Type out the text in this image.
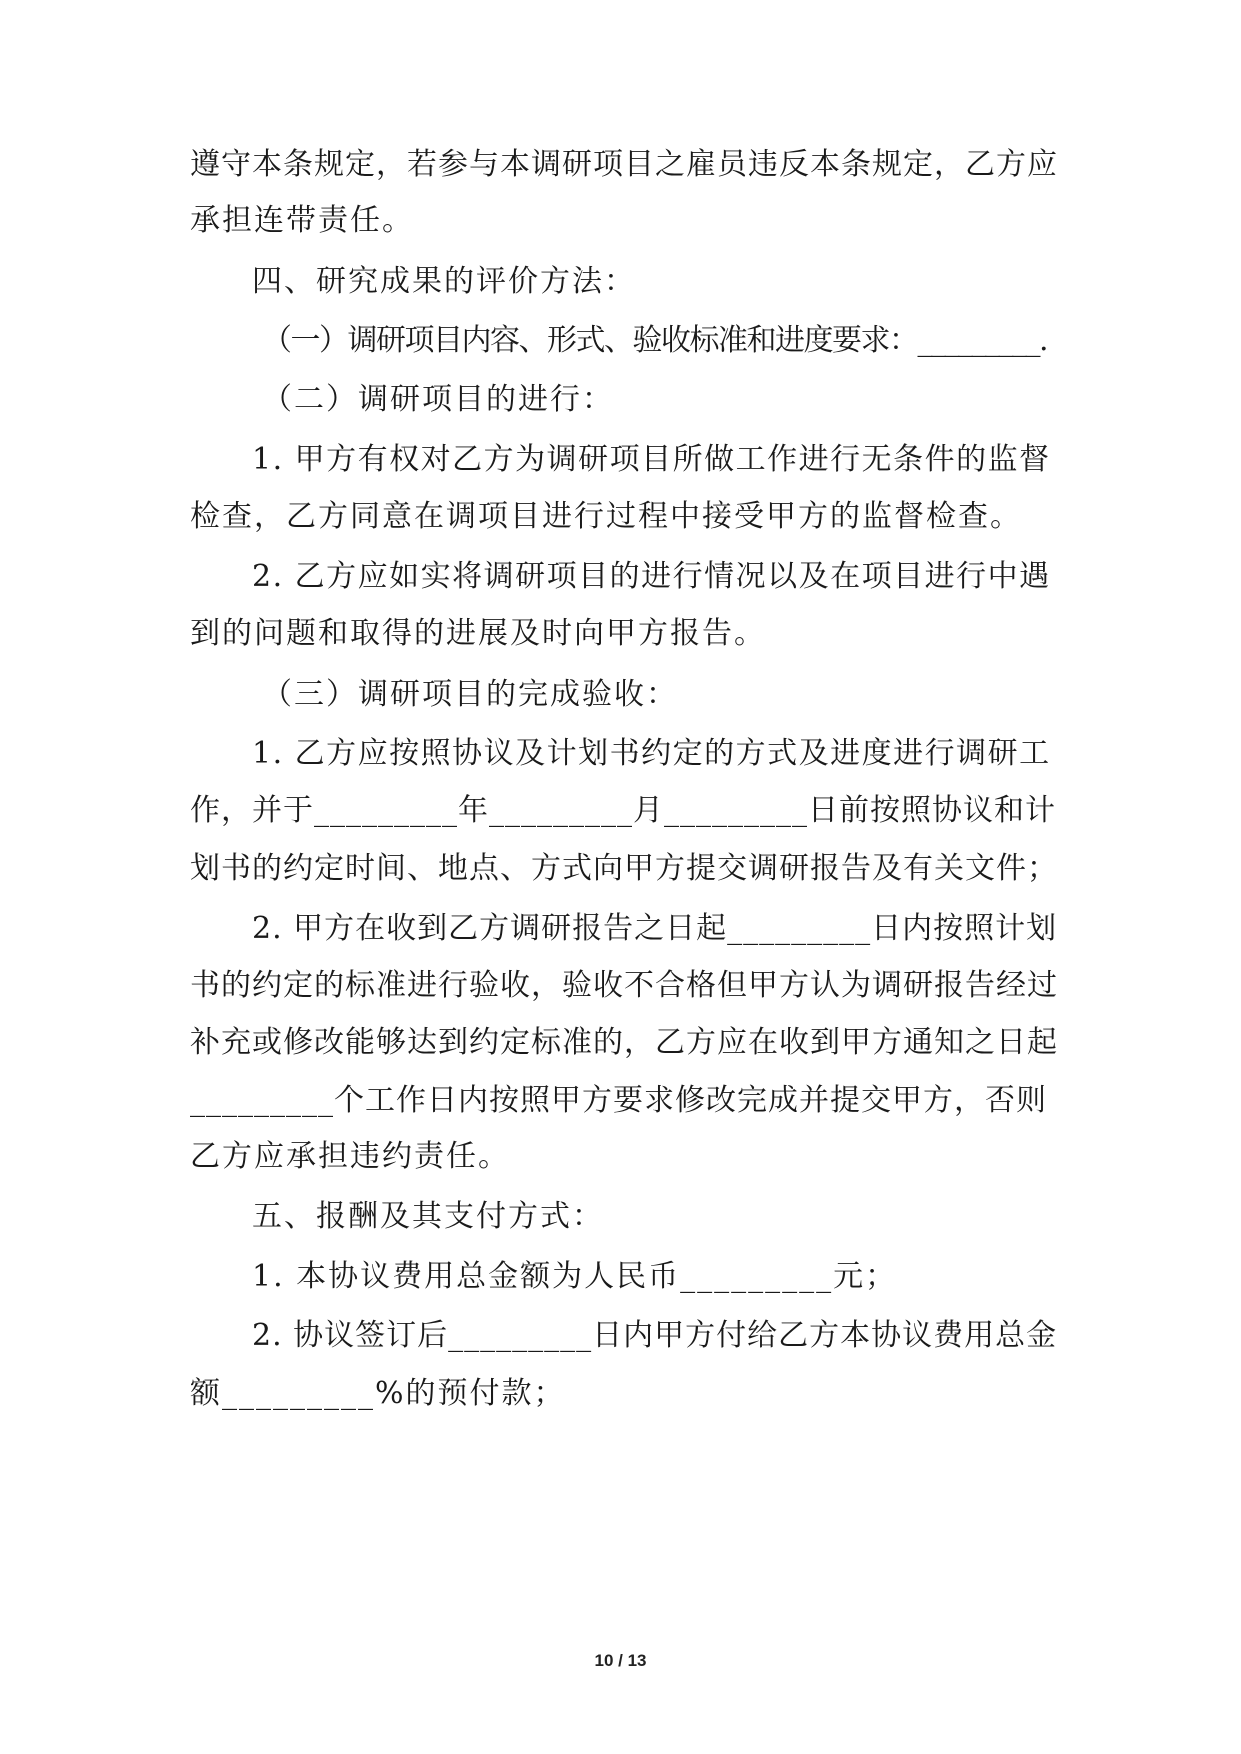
遵守本条规定，若参与本调研项目之雇员违反本条规定，乙方应
承担连带责任。
四、研究成果的评价方法：
（一）调研项目内容、形式、验收标准和进度要求：_________.
（二）调研项目的进行：
1. 甲方有权对乙方为调研项目所做工作进行无条件的监督
检查，乙方同意在调项目进行过程中接受甲方的监督检查。
2. 乙方应如实将调研项目的进行情况以及在项目进行中遇
到的问题和取得的进展及时向甲方报告。
（三）调研项目的完成验收：
1. 乙方应按照协议及计划书约定的方式及进度进行调研工
作，并于_________年_________月_________日前按照协议和计
划书的约定时间、地点、方式向甲方提交调研报告及有关文件；
2. 甲方在收到乙方调研报告之日起_________日内按照计划
书的约定的标准进行验收，验收不合格但甲方认为调研报告经过
补充或修改能够达到约定标准的，乙方应在收到甲方通知之日起
_________个工作日内按照甲方要求修改完成并提交甲方，否则
乙方应承担违约责任。
五、报酬及其支付方式：
1. 本协议费用总金额为人民币_________元；
2. 协议签订后_________日内甲方付给乙方本协议费用总金
额_________%的预付款；
10 / 13
